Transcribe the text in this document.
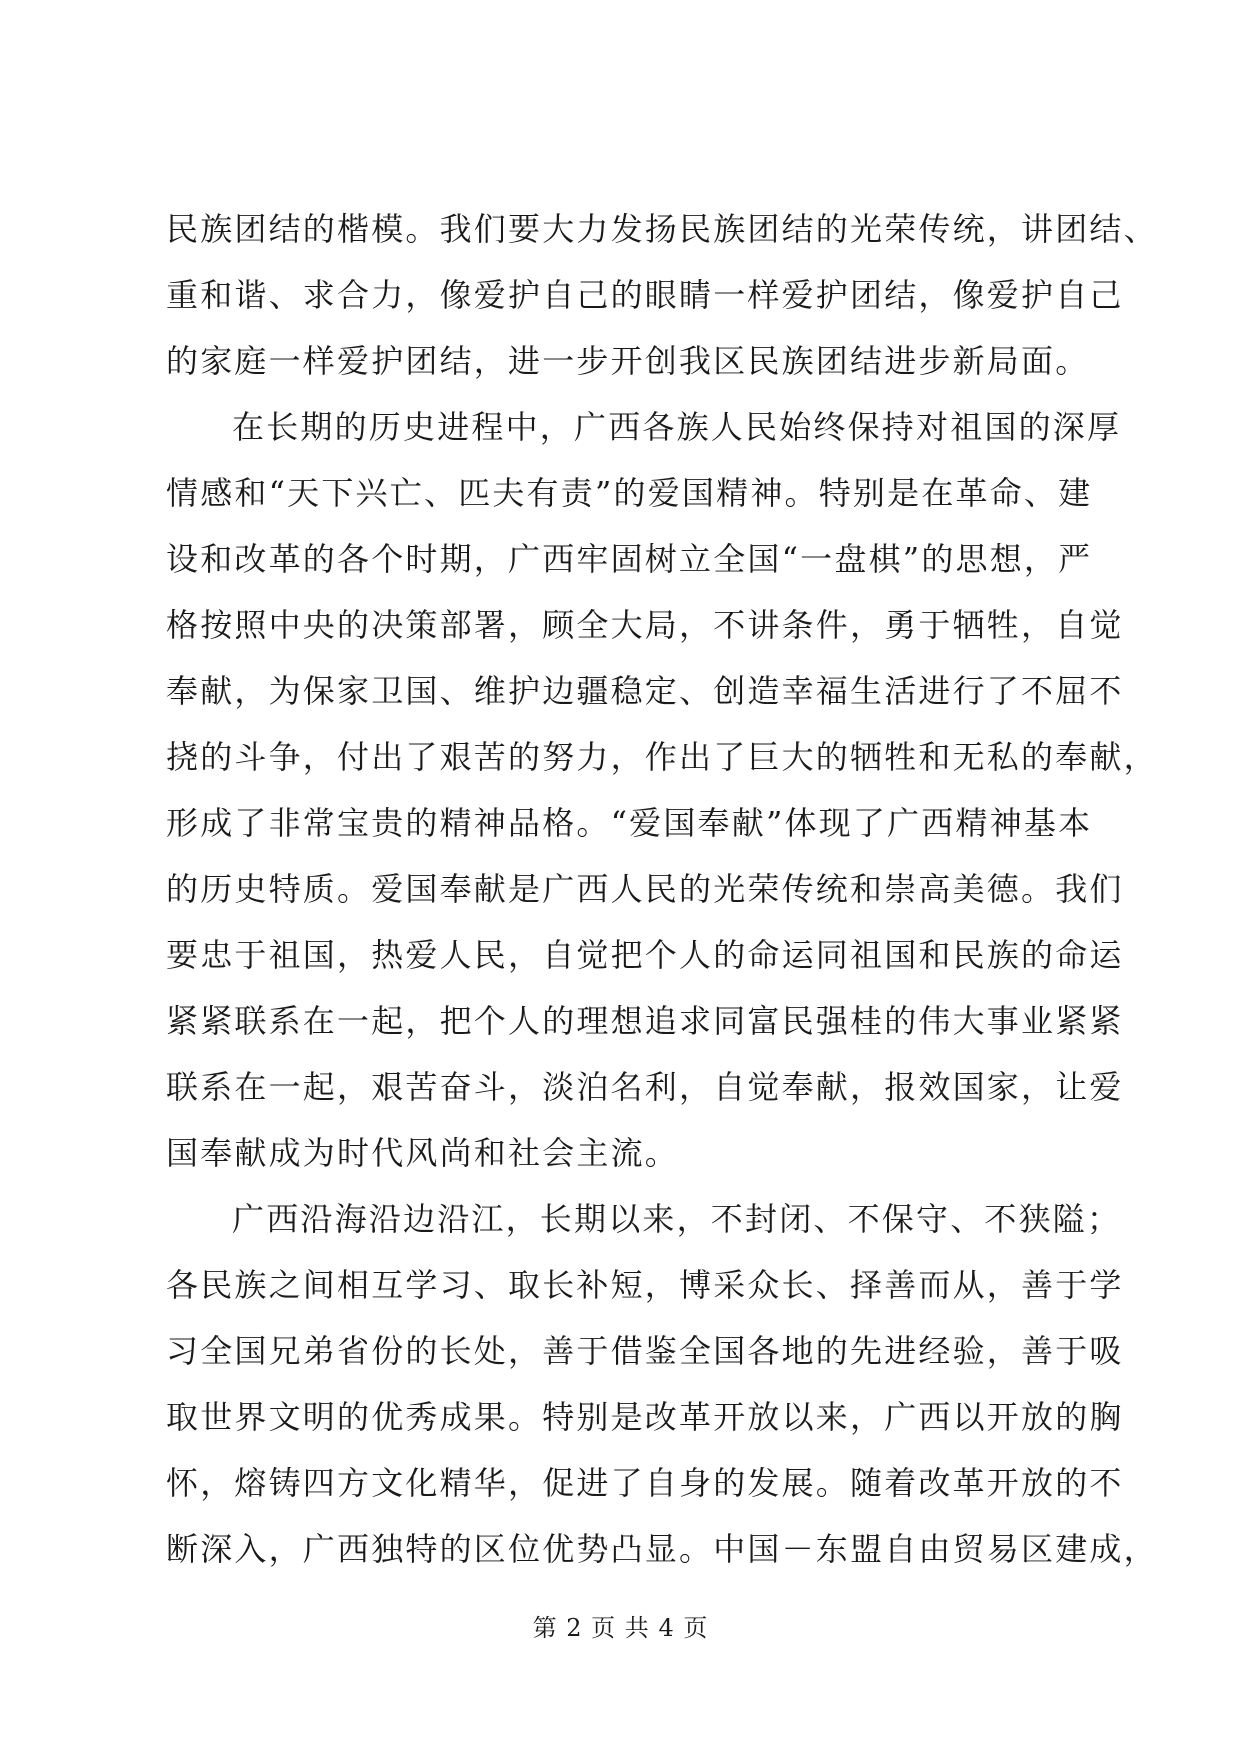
民族团结的楷模。我们要大力发扬民族团结的光荣传统，讲团结、
重和谐、求合力，像爱护自己的眼睛一样爱护团结，像爱护自己
的家庭一样爱护团结，进一步开创我区民族团结进步新局面。
在长期的历史进程中，广西各族人民始终保持对祖国的深厚
情感和“天下兴亡、匹夫有责”的爱国精神。特别是在革命、建
设和改革的各个时期，广西牢固树立全国“一盘棋”的思想，严
格按照中央的决策部署，顾全大局，不讲条件，勇于牺牲，自觉
奉献，为保家卫国、维护边疆稳定、创造幸福生活进行了不屈不
挠的斗争，付出了艰苦的努力，作出了巨大的牺牲和无私的奉献，
形成了非常宝贵的精神品格。“爱国奉献”体现了广西精神基本
的历史特质。爱国奉献是广西人民的光荣传统和崇高美德。我们
要忠于祖国，热爱人民，自觉把个人的命运同祖国和民族的命运
紧紧联系在一起，把个人的理想追求同富民强桂的伟大事业紧紧
联系在一起，艰苦奋斗，淡泊名利，自觉奉献，报效国家，让爱
国奉献成为时代风尚和社会主流。
广西沿海沿边沿江，长期以来，不封闭、不保守、不狭隘；
各民族之间相互学习、取长补短，博采众长、择善而从，善于学
习全国兄弟省份的长处，善于借鉴全国各地的先进经验，善于吸
取世界文明的优秀成果。特别是改革开放以来，广西以开放的胸
怀，熔铸四方文化精华，促进了自身的发展。随着改革开放的不
断深入，广西独特的区位优势凸显。中国－东盟自由贸易区建成，
第 2 页 共 4 页
